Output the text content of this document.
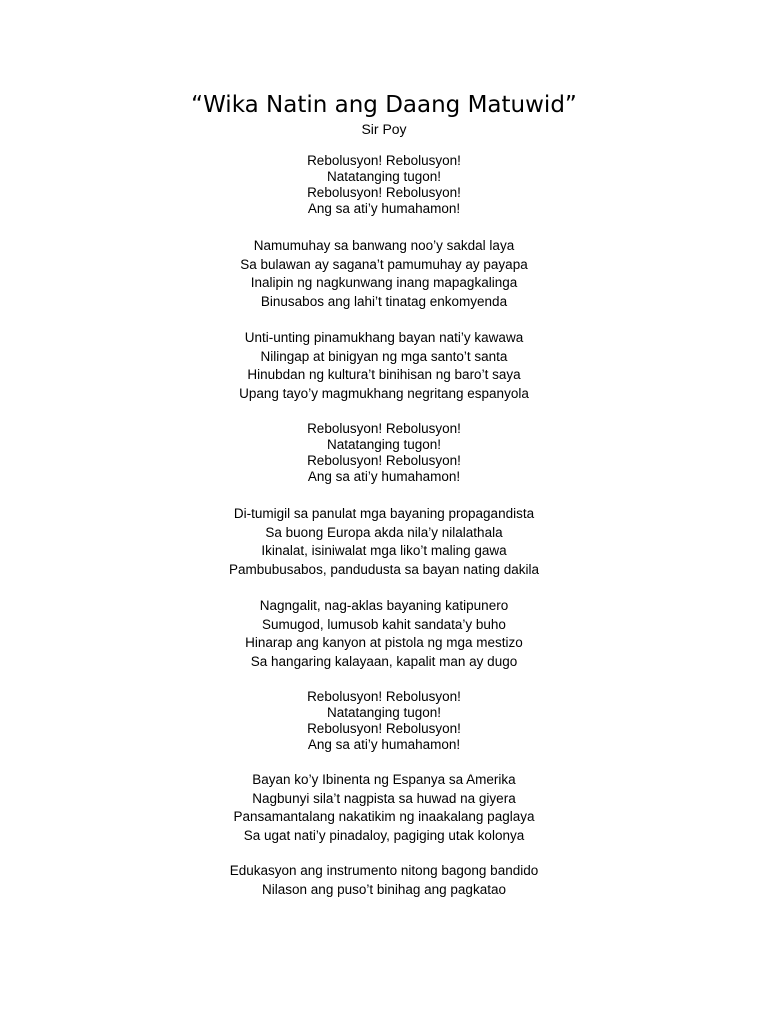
“Wika Natin ang Daang Matuwid”

Sir Poy

Rebolusyon! Rebolusyon!
Natatanging tugon!
Rebolusyon! Rebolusyon!
Ang sa ati’y humahamon!
Namumuhay sa banwang noo’y sakdal laya
Sa bulawan ay sagana’t pamumuhay ay payapa
Inalipin ng nagkunwang inang mapagkalinga
Binusabos ang lahi’t tinatag enkomyenda
Unti-unting pinamukhang bayan nati’y kawawa
Nilingap at binigyan ng mga santo’t santa
Hinubdan ng kultura’t binihisan ng baro’t saya
Upang tayo’y magmukhang negritang espanyola
Rebolusyon! Rebolusyon!
Natatanging tugon!
Rebolusyon! Rebolusyon!
Ang sa ati’y humahamon!
Di-tumigil sa panulat mga bayaning propagandista
Sa buong Europa akda nila’y nilalathala
Ikinalat, isiniwalat mga liko’t maling gawa
Pambubusabos, pandudusta sa bayan nating dakila
Nagngalit, nag-aklas bayaning katipunero
Sumugod, lumusob kahit sandata’y buho
Hinarap ang kanyon at pistola ng mga mestizo
Sa hangaring kalayaan, kapalit man ay dugo
Rebolusyon! Rebolusyon!
Natatanging tugon!
Rebolusyon! Rebolusyon!
Ang sa ati’y humahamon!
Bayan ko’y Ibinenta ng Espanya sa Amerika
Nagbunyi sila’t nagpista sa huwad na giyera
Pansamantalang nakatikim ng inaakalang paglaya
Sa ugat nati’y pinadaloy, pagiging utak kolonya
Edukasyon ang instrumento nitong bagong bandido
Nilason ang puso’t binihag ang pagkatao
